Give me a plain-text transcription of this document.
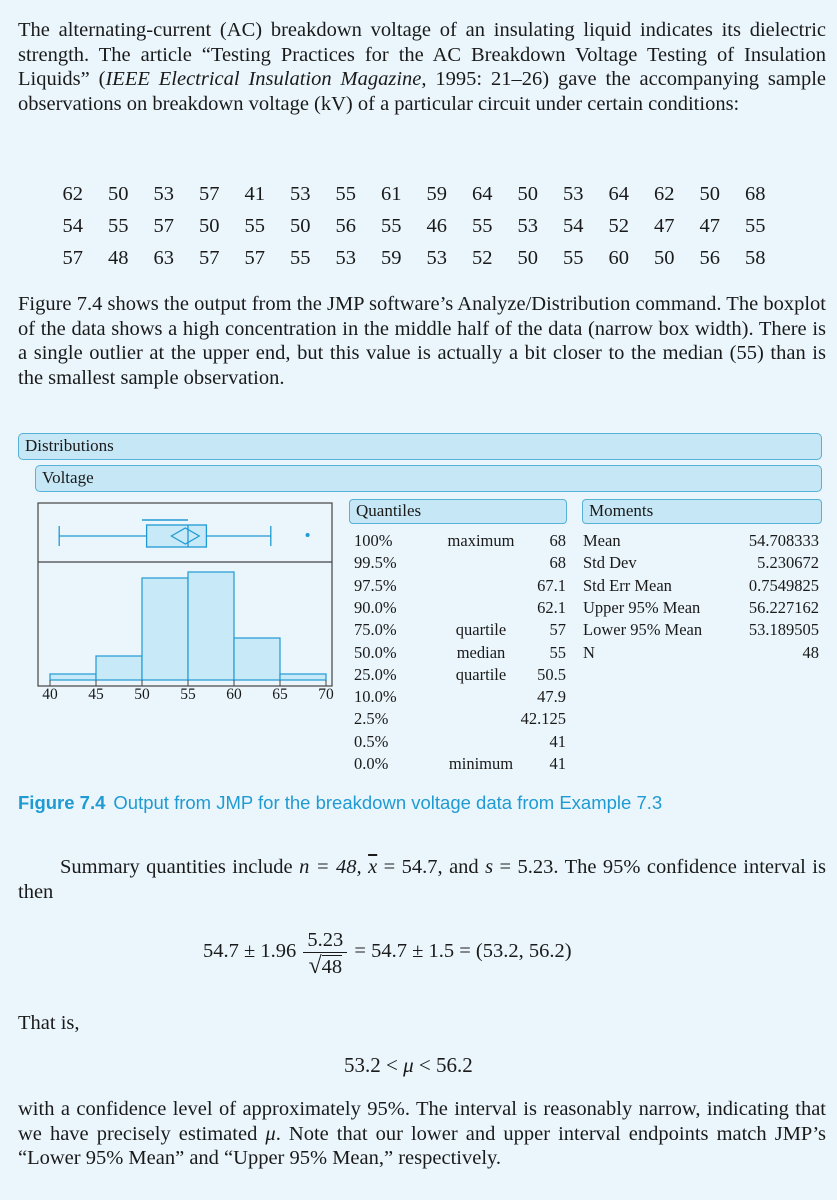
The alternating-current (AC) breakdown voltage of an insulating liquid indicates its dielectric strength. The article “Testing Practices for the AC Breakdown Voltage Testing of Insulation Liquids” (IEEE Electrical Insulation Magazine, 1995: 21–26) gave the accompanying sample observations on breakdown voltage (kV) of a particular circuit under certain conditions:
62	50	53	57	41	53	55	61	59	64	50	53	64	62	50	68
54	55	57	50	55	50	56	55	46	55	53	54	52	47	47	55
57	48	63	57	57	55	53	59	53	52	50	55	60	50	56	58
Figure 7.4 shows the output from the JMP software’s Analyze/Distribution command. The boxplot of the data shows a high concentration in the middle half of the data (narrow box width). There is a single outlier at the upper end, but this value is actually a bit closer to the median (55) than is the smallest sample observation.
Distributions
Voltage
40 45 50 55 60 65 70
Quantiles
100%	maximum	68
99.5%	68
97.5%	67.1
90.0%	62.1
75.0%	quartile	57
50.0%	median	55
25.0%	quartile	50.5
10.0%	47.9
2.5%	42.125
0.5%	41
0.0%	minimum	41
Moments
Mean	54.708333
Std Dev	5.230672
Std Err Mean	0.7549825
Upper 95% Mean	56.227162
Lower 95% Mean	53.189505
N	48
Figure 7.4 Output from JMP for the breakdown voltage data from Example 7.3
Summary quantities include n = 48, $\overline{x} = 54.7$, and s = 5.23. The 95% confidence interval is then
$54.7 \pm 1.96 \frac{5.23}{√48} = 54.7 \pm 1.5 = (53.2$, 56.2)
That is,
53.2 < μ < 56.2
with a confidence level of approximately 95%. The interval is reasonably narrow, indicating that we have precisely estimated μ. Note that our lower and upper interval endpoints match JMP’s “Lower 95% Mean” and “Upper 95% Mean,” respectively.
